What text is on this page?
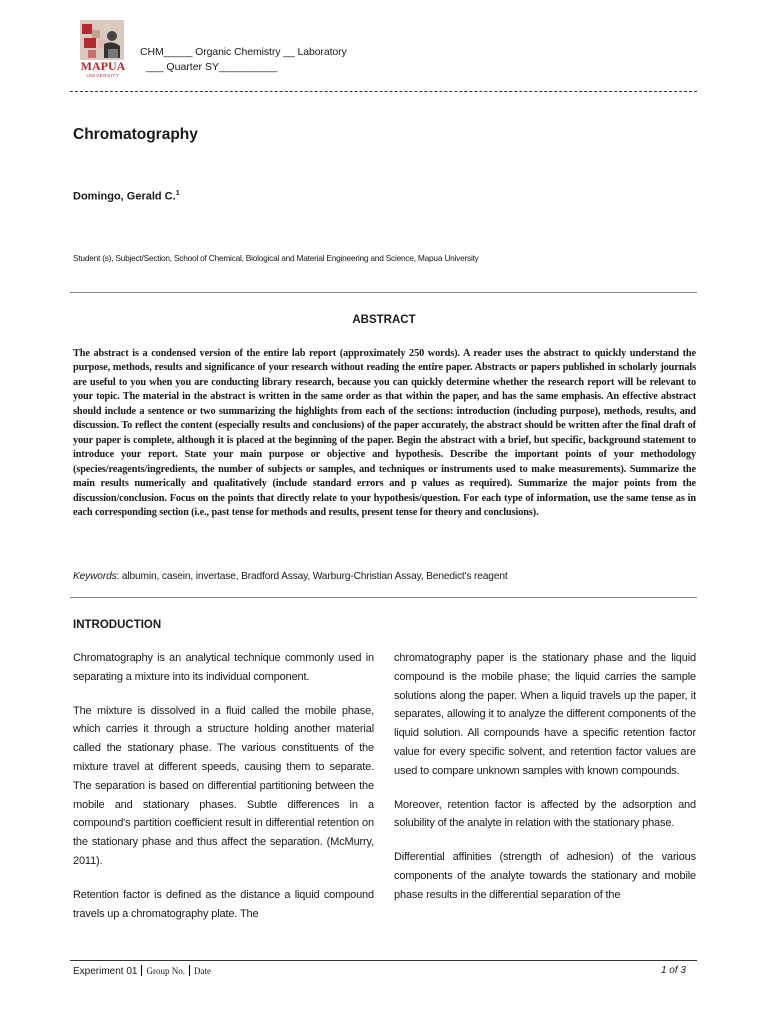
MAPUA
UNIVERSITY
CHM_____ Organic Chemistry __ Laboratory
___ Quarter SY__________
Chromatography
Domingo, Gerald C.$^1$
Student (s), Subject/Section, School of Chemical, Biological and Material Engineering and Science, Mapua University
ABSTRACT
The abstract is a condensed version of the entire lab report (approximately 250 words). A reader uses the abstract to quickly understand the purpose, methods, results and significance of your research without reading the entire paper. Abstracts or papers published in scholarly journals are useful to you when you are conducting library research, because you can quickly determine whether the research report will be relevant to your topic. The material in the abstract is written in the same order as that within the paper, and has the same emphasis. An effective abstract should include a sentence or two summarizing the highlights from each of the sections: introduction (including purpose), methods, results, and discussion. To reflect the content (especially results and conclusions) of the paper accurately, the abstract should be written after the final draft of your paper is complete, although it is placed at the beginning of the paper. Begin the abstract with a brief, but specific, background statement to introduce your report. State your main purpose or objective and hypothesis. Describe the important points of your methodology (species/reagents/ingredients, the number of subjects or samples, and techniques or instruments used to make measurements). Summarize the main results numerically and qualitatively (include standard errors and p values as required). Summarize the major points from the discussion/conclusion. Focus on the points that directly relate to your hypothesis/question. For each type of information, use the same tense as in each corresponding section (i.e., past tense for methods and results, present tense for theory and conclusions).
Keywords: albumin, casein, invertase, Bradford Assay, Warburg-Christian Assay, Benedict's reagent
INTRODUCTION

Chromatography is an analytical technique commonly used in separating a mixture into its individual component.

The mixture is dissolved in a fluid called the mobile phase, which carries it through a structure holding another material called the stationary phase. The various constituents of the mixture travel at different speeds, causing them to separate. The separation is based on differential partitioning between the mobile and stationary phases. Subtle differences in a compound's partition coefficient result in differential retention on the stationary phase and thus affect the separation. (McMurry, 2011).

Retention factor is defined as the distance a liquid compound travels up a chromatography plate. The

chromatography paper is the stationary phase and the liquid compound is the mobile phase; the liquid carries the sample solutions along the paper. When a liquid travels up the paper, it separates, allowing it to analyze the different components of the liquid solution. All compounds have a specific retention factor value for every specific solvent, and retention factor values are used to compare unknown samples with known compounds.

Moreover, retention factor is affected by the adsorption and solubility of the analyte in relation with the stationary phase.

Differential affinities (strength of adhesion) of the various components of the analyte towards the stationary and mobile phase results in the differential separation of the

Experiment 01 Group No. Date	1 of 3
